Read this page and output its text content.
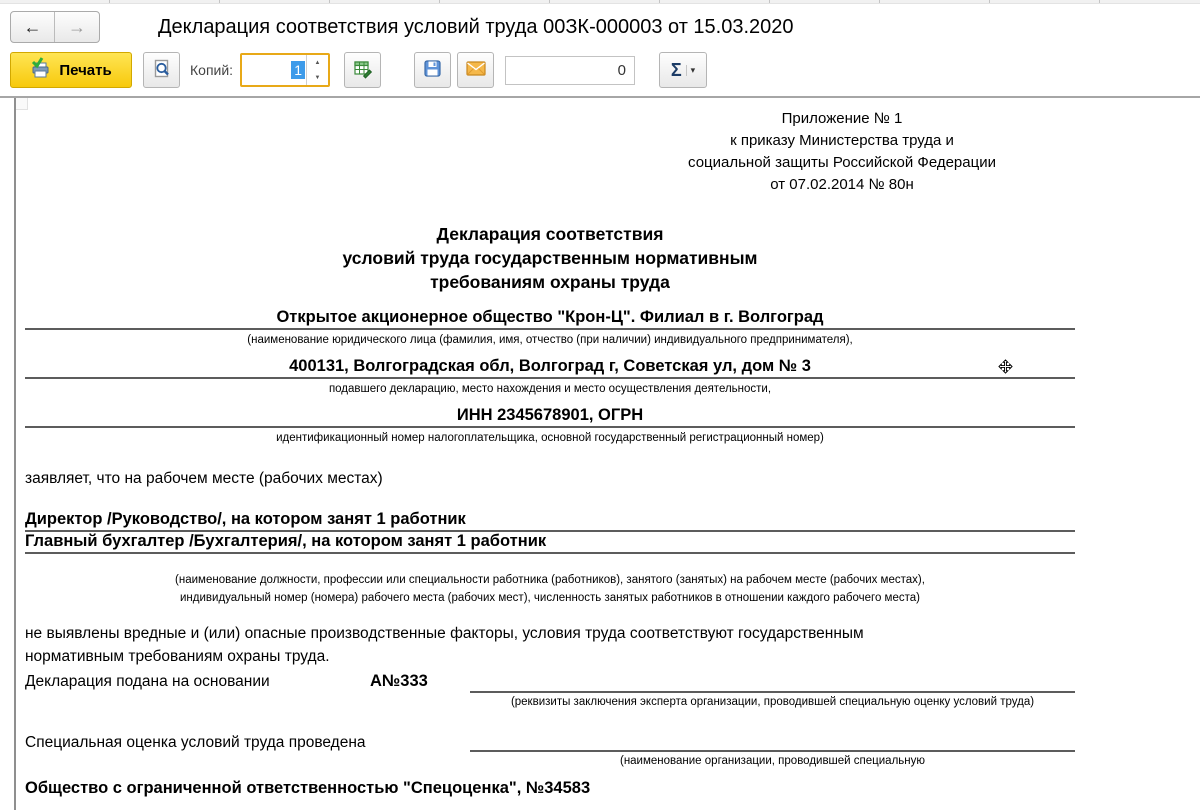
← →	Декларация соответствия условий труда 00ЗК-000003 от 15.03.2020
Печать	Копий:	1	▲
▼	0 Σ	▾
Приложение № 1
к приказу Министерства труда и
социальной защиты Российской Федерации
от 07.02.2014 № 80н
Декларация соответствия
условий труда государственным нормативным
требованиям охраны труда
Открытое акционерное общество "Крон-Ц". Филиал в г. Волгоград
(наименование юридического лица (фамилия, имя, отчество (при наличии) индивидуального предпринимателя),
400131, Волгоградская обл, Волгоград г, Советская ул, дом № 3
подавшего декларацию, место нахождения и место осуществления деятельности,
ИНН 2345678901, ОГРН
идентификационный номер налогоплательщика, основной государственный регистрационный номер)
заявляет, что на рабочем месте (рабочих местах)
Директор /Руководство/, на котором занят 1 работник
Главный бухгалтер /Бухгалтерия/, на котором занят 1 работник
(наименование должности, профессии или специальности работника (работников), занятого (занятых) на рабочем месте (рабочих местах),
индивидуальный номер (номера) рабочего места (рабочих мест), численность занятых работников в отношении каждого рабочего места)
не выявлены вредные и (или) опасные производственные факторы, условия труда соответствуют государственным
нормативным требованиям охраны труда.
Декларация подана на основании	А№333
(реквизиты заключения эксперта организации, проводившей специальную оценку условий труда)
Специальная оценка условий труда проведена
(наименование организации, проводившей специальную
Общество с ограниченной ответственностью "Спецоценка", №34583
